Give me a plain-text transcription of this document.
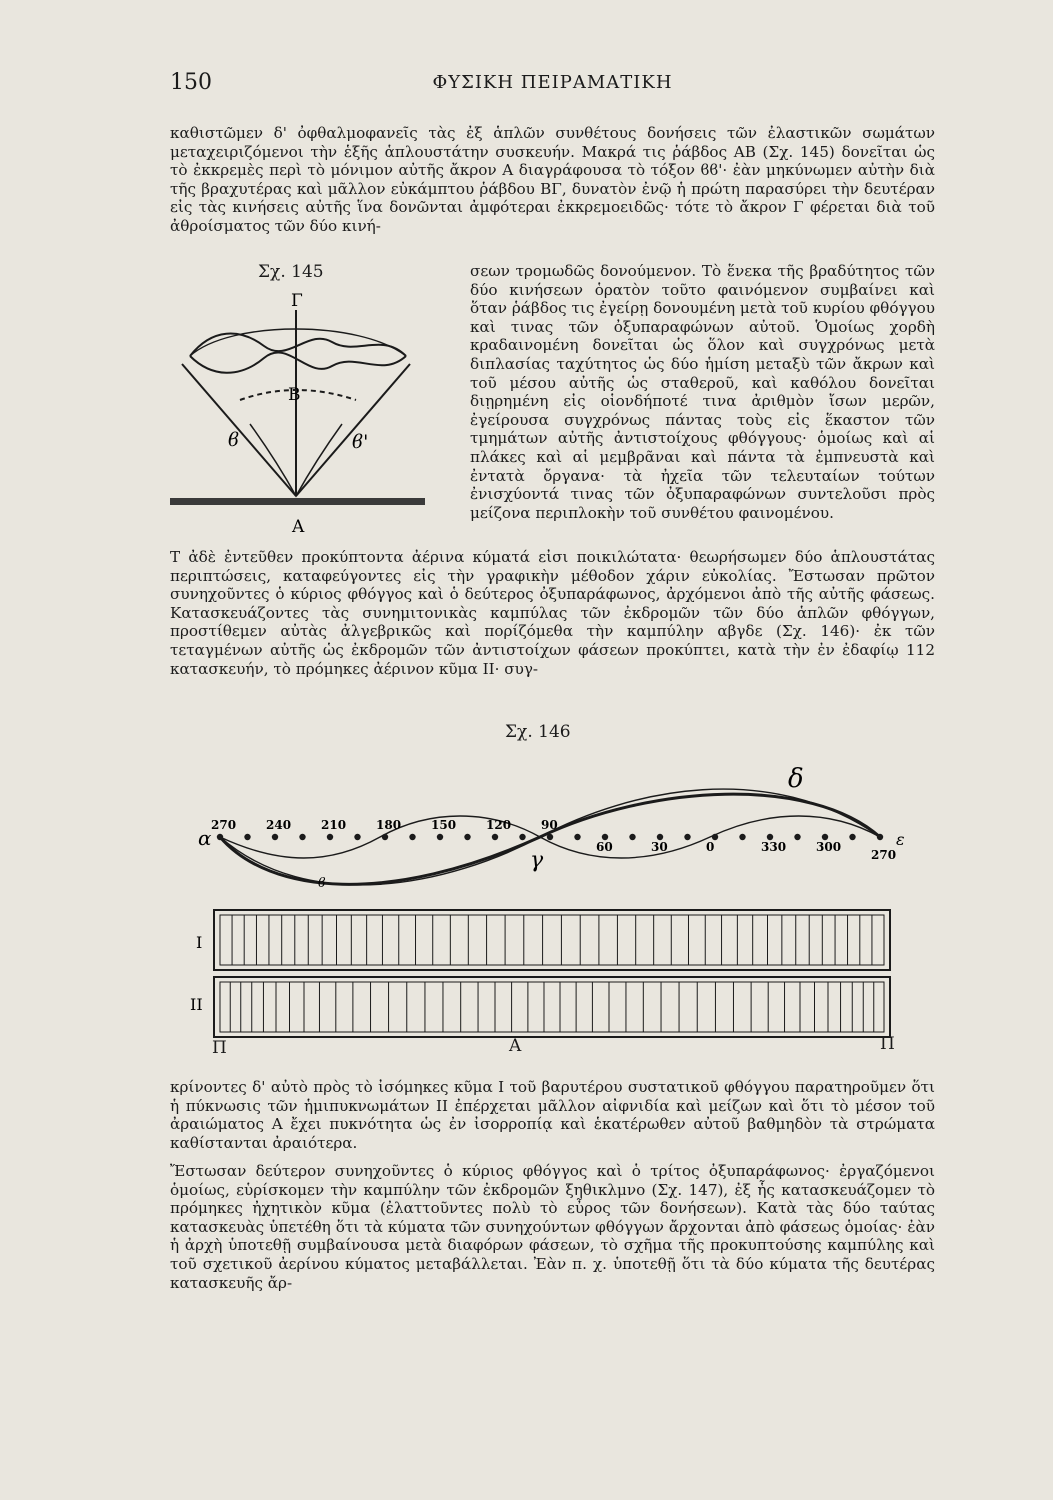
150	ΦΥΣΙΚΗ ΠΕΙΡΑΜΑΤΙΚΗ
καθιστῶμεν δ' ὀφθαλμοφανεῖς τὰς ἐξ ἁπλῶν συνθέτους δονήσεις τῶν ἐλαστικῶν σωμάτων μεταχειριζόμενοι τὴν ἑξῆς ἁπλουστάτην συσκευήν. Μακρά τις ῥάβδος ΑΒ (Σχ. 145) δονεῖται ὡς τὸ ἐκκρεμὲς περὶ τὸ μόνιμον αὐτῆς ἄκρον Α διαγράφουσα τὸ τόξον ϐϐ'· ἐὰν μηκύνωμεν αὐτὴν διὰ τῆς βραχυτέρας καὶ μᾶλλον εὐκάμπτου ῥάβδου ΒΓ, δυνατὸν ἐνῷ ἡ πρώτη παρασύρει τὴν δευτέραν εἰς τὰς κινήσεις αὐτῆς ἵνα δονῶνται ἀμφότεραι ἐκκρεμοειδῶς· τότε τὸ ἄκρον Γ φέρεται διὰ τοῦ ἀθροίσματος τῶν δύο κινή-
σεων τρομωδῶς δονούμενον. Τὸ ἕνεκα τῆς βραδύτητος τῶν δύο κινήσεων ὁρατὸν τοῦτο φαινόμενον συμβαίνει καὶ ὅταν ῥάβδος τις ἐγείρῃ δονουμένη μετὰ τοῦ κυρίου φθόγγου καὶ τινας τῶν ὀξυπαραφώνων αὐτοῦ. Ὁμοίως χορδὴ κραδαινομένη δονεῖται ὡς ὅλον καὶ συγχρόνως μετὰ διπλασίας ταχύτητος ὡς δύο ἡμίση μεταξὺ τῶν ἄκρων καὶ τοῦ μέσου αὐτῆς ὡς σταθεροῦ, καὶ καθόλου δονεῖται διῃρημένη εἰς οἱονδήποτέ τινα ἀριθμὸν ἴσων μερῶν, ἐγείρουσα συγχρόνως πάντας τοὺς εἰς ἕκαστον τῶν τμημάτων αὐτῆς ἀντιστοίχους φθόγγους· ὁμοίως καὶ αἱ πλάκες καὶ αἱ μεμβρᾶναι καὶ πάντα τὰ ἐμπνευστὰ καὶ ἐντατὰ ὄργανα· τὰ ἠχεῖα τῶν τελευταίων τούτων ἐνισχύοντά τινας τῶν ὀξυπαραφώνων συντελοῦσι πρὸς μείζονα περιπλοκὴν τοῦ συνθέτου φαινομένου.
Σχ. 145
Γ
Β
ϐ	ϐ'
Α
Τ ἀδὲ ἐντεῦθεν προκύπτοντα ἀέρινα κύματά εἰσι ποικιλώτατα· θεωρήσωμεν δύο ἁπλουστάτας περιπτώσεις, καταφεύγοντες εἰς τὴν γραφικὴν μέθοδον χάριν εὐκολίας. Ἔστωσαν πρῶτον συνηχοῦντες ὁ κύριος φθόγγος καὶ ὁ δεύτερος ὀξυπαράφωνος, ἀρχόμενοι ἀπὸ τῆς αὐτῆς φάσεως. Κατασκευάζοντες τὰς συνημιτονικὰς καμπύλας τῶν ἐκδρομῶν τῶν δύο ἁπλῶν φθόγγων, προστίθεμεν αὐτὰς ἀλγεβρικῶς καὶ πορίζόμεθα τὴν καμπύλην αβγδε (Σχ. 146)· ἐκ τῶν τεταγμένων αὐτῆς ὡς ἐκδρομῶν τῶν ἀντιστοίχων φάσεων προκύπτει, κατὰ τὴν ἐν ἐδαφίῳ 112 κατασκευήν, τὸ πρόμηκες ἀέρινον κῦμα ΙΙ· συγ-
Σχ. 146
270 240 210 180 150 120 90
60	30	0	330 300
270
δ
α
γ
ϐ
ε
Ι
ΙΙ
Π	Α	Π
κρίνοντες δ' αὐτὸ πρὸς τὸ ἰσόμηκες κῦμα Ι τοῦ βαρυτέρου συστατικοῦ φθόγγου παρατηροῦμεν ὅτι ἡ πύκνωσις τῶν ἡμιπυκνωμάτων ΙΙ ἐπέρχεται μᾶλλον αἰφνιδία καὶ μείζων καὶ ὅτι τὸ μέσον τοῦ ἀραιώματος Α ἔχει πυκνότητα ὡς ἐν ἰσορροπίᾳ καὶ ἑκατέρωθεν αὐτοῦ βαθμηδὸν τὰ στρώματα καθίστανται ἀραιότερα.
Ἔστωσαν δεύτερον συνηχοῦντες ὁ κύριος φθόγγος καὶ ὁ τρίτος ὀξυπαράφωνος· ἐργαζόμενοι ὁμοίως, εὑρίσκομεν τὴν καμπύλην τῶν ἐκδρομῶν ξηθικλμνο (Σχ. 147), ἐξ ἧς κατασκευάζομεν τὸ πρόμηκες ἠχητικὸν κῦμα (ἐλαττοῦντες πολὺ τὸ εὖρος τῶν δονήσεων). Κατὰ τὰς δύο ταύτας κατασκευὰς ὑπετέθη ὅτι τὰ κύματα τῶν συνηχούντων φθόγγων ἄρχονται ἀπὸ φάσεως ὁμοίας· ἐὰν ἡ ἀρχὴ ὑποτεθῇ συμβαίνουσα μετὰ διαφόρων φάσεων, τὸ σχῆμα τῆς προκυπτούσης καμπύλης καὶ τοῦ σχετικοῦ ἀερίνου κύματος μεταβάλλεται. Ἐὰν π. χ. ὑποτεθῇ ὅτι τὰ δύο κύματα τῆς δευτέρας κατασκευῆς ἄρ-
